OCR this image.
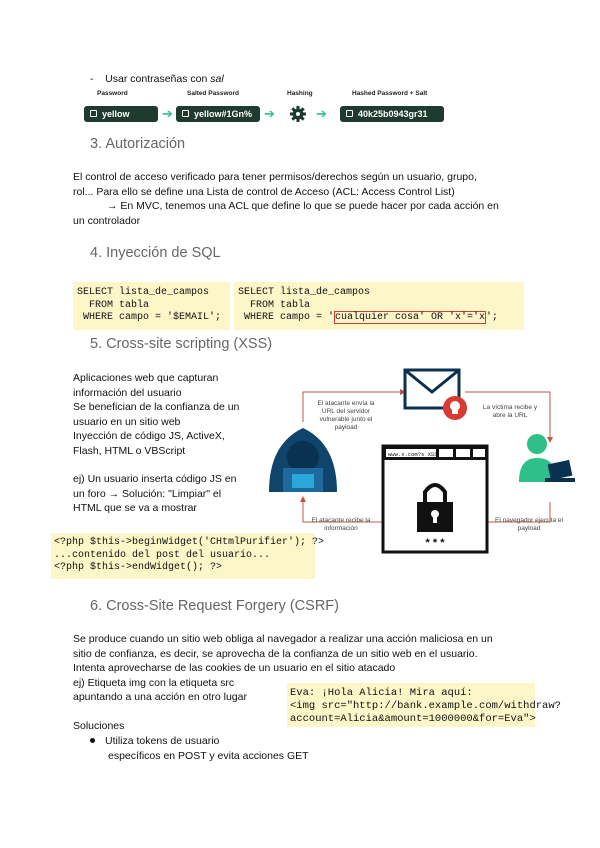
- Usar contraseñas con sal
Password	Salted Password	Hashing	Hashed Password + Salt
yellow	➔	yellow#1Gn% ➔	➔	40k25b0943gr31
3. Autorización
El control de acceso verificado para tener permisos/derechos según un usuario, grupo,
rol... Para ello se define una Lista de control de Acceso (ACL: Access Control List)
→ En MVC, tenemos una ACL que define lo que se puede hacer por cada acción en
un controlador
4. Inyección de SQL
SELECT lista_de_campos
FROM tabla
WHERE campo = '$EMAIL';
SELECT lista_de_campos
FROM tabla
WHERE campo = 'cualquier cosa' OR 'x'='x';
5. Cross-site scripting (XSS)
Aplicaciones web que capturan
información del usuario
Se benefician de la confianza de un
usuario en un sitio web
Inyección de código JS, ActiveX,
Flash, HTML o VBScript
ej) Un usuario inserta código JS en
un foro → Solución: "Limpiar" el
HTML que se va a mostrar
<?php $this->beginWidget('CHtmlPurifier'); ?>
...contenido del post del usuario...
<?php $this->endWidget(); ?>
www.x.com?s XSS
* * *
El atacante envía la URL del servidor vulnerable junto el payload
La víctima recibe y abre la URL
El atacante recibe la información
El navegador ejecuta el payload
6. Cross-Site Request Forgery (CSRF)
Se produce cuando un sitio web obliga al navegador a realizar una acción maliciosa en un
sitio de confianza, es decir, se aprovecha de la confianza de un sitio web en el usuario.
Intenta aprovecharse de las cookies de un usuario en el sitio atacado
ej) Etiqueta img con la etiqueta src
apuntando a una acción en otro lugar	Eva: ¡Hola Alicia! Mira aquí:
<img src="http://bank.example.com/withdraw?
account=Alicia&amount=1000000&for=Eva">
Soluciones
Utiliza tokens de usuario
específicos en POST y evita acciones GET
